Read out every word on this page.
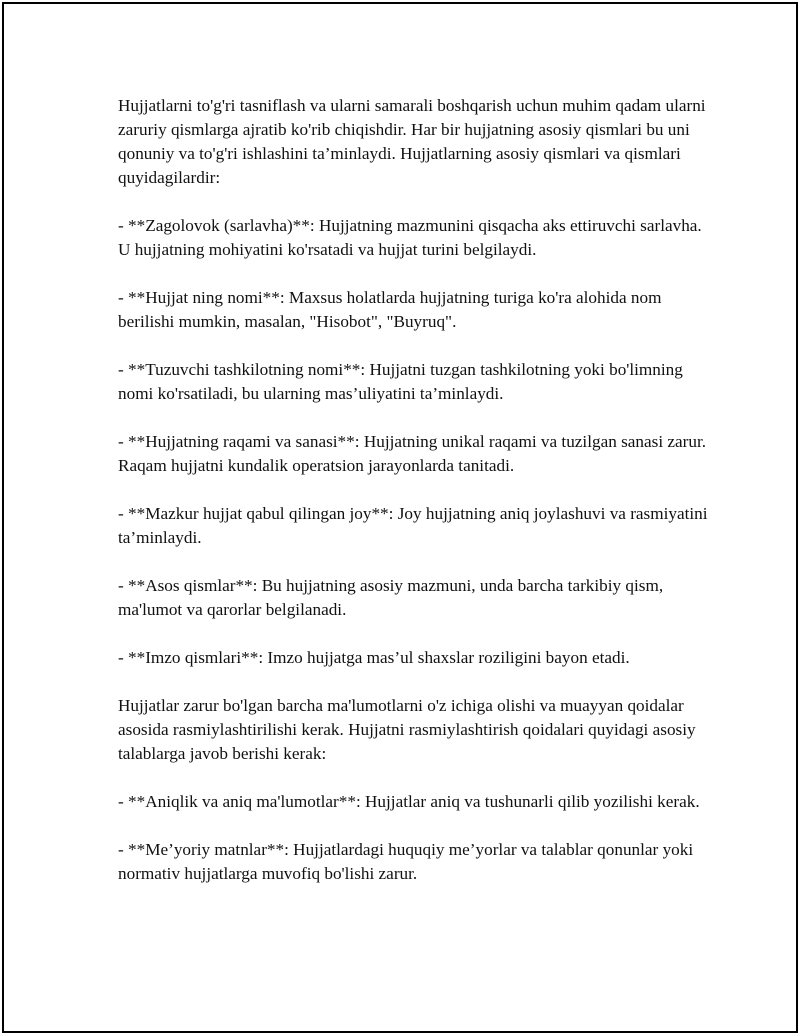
Hujjatlarni to'g'ri tasniflash va ularni samarali boshqarish uchun muhim qadam ularni zaruriy qismlarga ajratib ko'rib chiqishdir. Har bir hujjatning asosiy qismlari bu uni qonuniy va to'g'ri ishlashini ta’minlaydi. Hujjatlarning asosiy qismlari va qismlari quyidagilardir:

- **Zagolovok (sarlavha)**: Hujjatning mazmunini qisqacha aks ettiruvchi sarlavha. U hujjatning mohiyatini ko'rsatadi va hujjat turini belgilaydi.

- **Hujjat ning nomi**: Maxsus holatlarda hujjatning turiga ko'ra alohida nom berilishi mumkin, masalan, "Hisobot", "Buyruq".

- **Tuzuvchi tashkilotning nomi**: Hujjatni tuzgan tashkilotning yoki bo'limning nomi ko'rsatiladi, bu ularning mas’uliyatini ta’minlaydi.

- **Hujjatning raqami va sanasi**: Hujjatning unikal raqami va tuzilgan sanasi zarur. Raqam hujjatni kundalik operatsion jarayonlarda tanitadi.

- **Mazkur hujjat qabul qilingan joy**: Joy hujjatning aniq joylashuvi va rasmiyatini ta’minlaydi.

- **Asos qismlar**: Bu hujjatning asosiy mazmuni, unda barcha tarkibiy qism, ma'lumot va qarorlar belgilanadi.

- **Imzo qismlari**: Imzo hujjatga mas’ul shaxslar roziligini bayon etadi.

Hujjatlar zarur bo'lgan barcha ma'lumotlarni o'z ichiga olishi va muayyan qoidalar asosida rasmiylashtirilishi kerak. Hujjatni rasmiylashtirish qoidalari quyidagi asosiy talablarga javob berishi kerak:

- **Aniqlik va aniq ma'lumotlar**: Hujjatlar aniq va tushunarli qilib yozilishi kerak.

- **Me’yoriy matnlar**: Hujjatlardagi huquqiy me’yorlar va talablar qonunlar yoki normativ hujjatlarga muvofiq bo'lishi zarur.
